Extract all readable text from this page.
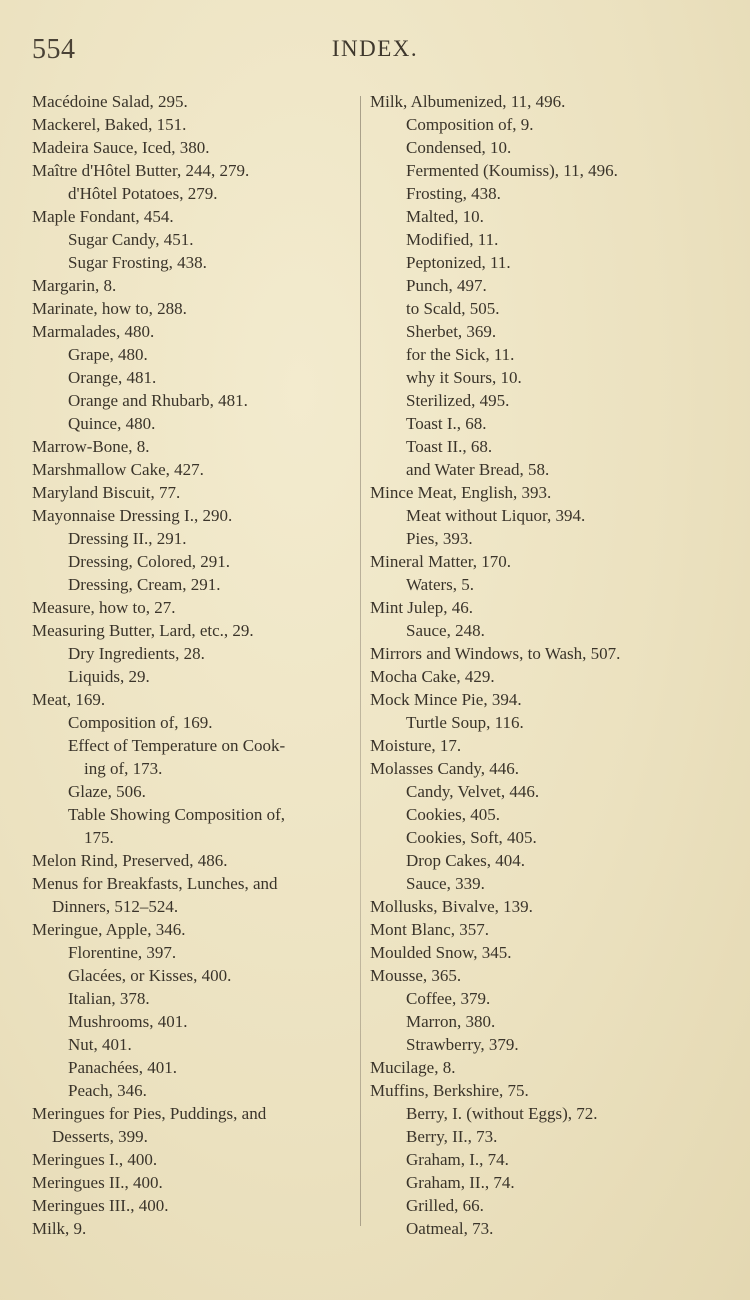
554	INDEX.
Macédoine Salad, 295.
Mackerel, Baked, 151.
Madeira Sauce, Iced, 380.
Maître d'Hôtel Butter, 244, 279.
d'Hôtel Potatoes, 279.
Maple Fondant, 454.
Sugar Candy, 451.
Sugar Frosting, 438.
Margarin, 8.
Marinate, how to, 288.
Marmalades, 480.
Grape, 480.
Orange, 481.
Orange and Rhubarb, 481.
Quince, 480.
Marrow-Bone, 8.
Marshmallow Cake, 427.
Maryland Biscuit, 77.
Mayonnaise Dressing I., 290.
Dressing II., 291.
Dressing, Colored, 291.
Dressing, Cream, 291.
Measure, how to, 27.
Measuring Butter, Lard, etc., 29.
Dry Ingredients, 28.
Liquids, 29.
Meat, 169.
Composition of, 169.
Effect of Temperature on Cook-
ing of, 173.
Glaze, 506.
Table Showing Composition of,
175.
Melon Rind, Preserved, 486.
Menus for Breakfasts, Lunches, and
Dinners, 512–524.
Meringue, Apple, 346.
Florentine, 397.
Glacées, or Kisses, 400.
Italian, 378.
Mushrooms, 401.
Nut, 401.
Panachées, 401.
Peach, 346.
Meringues for Pies, Puddings, and
Desserts, 399.
Meringues I., 400.
Meringues II., 400.
Meringues III., 400.
Milk, 9.
Milk, Albumenized, 11, 496.
Composition of, 9.
Condensed, 10.
Fermented (Koumiss), 11, 496.
Frosting, 438.
Malted, 10.
Modified, 11.
Peptonized, 11.
Punch, 497.
to Scald, 505.
Sherbet, 369.
for the Sick, 11.
why it Sours, 10.
Sterilized, 495.
Toast I., 68.
Toast II., 68.
and Water Bread, 58.
Mince Meat, English, 393.
Meat without Liquor, 394.
Pies, 393.
Mineral Matter, 170.
Waters, 5.
Mint Julep, 46.
Sauce, 248.
Mirrors and Windows, to Wash, 507.
Mocha Cake, 429.
Mock Mince Pie, 394.
Turtle Soup, 116.
Moisture, 17.
Molasses Candy, 446.
Candy, Velvet, 446.
Cookies, 405.
Cookies, Soft, 405.
Drop Cakes, 404.
Sauce, 339.
Mollusks, Bivalve, 139.
Mont Blanc, 357.
Moulded Snow, 345.
Mousse, 365.
Coffee, 379.
Marron, 380.
Strawberry, 379.
Mucilage, 8.
Muffins, Berkshire, 75.
Berry, I. (without Eggs), 72.
Berry, II., 73.
Graham, I., 74.
Graham, II., 74.
Grilled, 66.
Oatmeal, 73.
